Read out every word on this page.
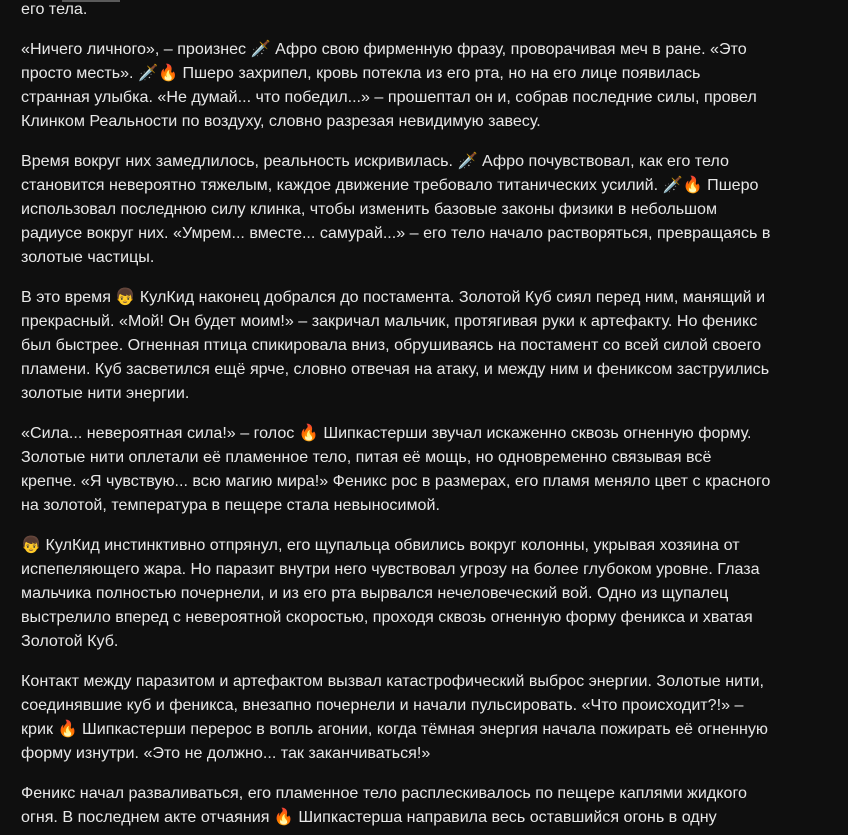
его тела.

«Ничего личного», – произнес 🗡️ Афро свою фирменную фразу, проворачивая меч в ране. «Это просто месть». 🗡️🔥 Пшеро захрипел, кровь потекла из его рта, но на его лице появилась странная улыбка. «Не думай... что победил...» – прошептал он и, собрав последние силы, провел Клинком Реальности по воздуху, словно разрезая невидимую завесу.

Время вокруг них замедлилось, реальность искривилась. 🗡️ Афро почувствовал, как его тело становится невероятно тяжелым, каждое движение требовало титанических усилий. 🗡️🔥 Пшеро использовал последнюю силу клинка, чтобы изменить базовые законы физики в небольшом радиусе вокруг них. «Умрем... вместе... самурай...» – его тело начало растворяться, превращаясь в золотые частицы.

В это время 👦 КулКид наконец добрался до постамента. Золотой Куб сиял перед ним, манящий и прекрасный. «Мой! Он будет моим!» – закричал мальчик, протягивая руки к артефакту. Но феникс был быстрее. Огненная птица спикировала вниз, обрушиваясь на постамент со всей силой своего пламени. Куб засветился ещё ярче, словно отвечая на атаку, и между ним и фениксом заструились золотые нити энергии.

«Сила... невероятная сила!» – голос 🔥 Шипкастерши звучал искаженно сквозь огненную форму. Золотые нити оплетали её пламенное тело, питая её мощь, но одновременно связывая всё крепче. «Я чувствую... всю магию мира!» Феникс рос в размерах, его пламя меняло цвет с красного на золотой, температура в пещере стала невыносимой.

👦 КулКид инстинктивно отпрянул, его щупальца обвились вокруг колонны, укрывая хозяина от испепеляющего жара. Но паразит внутри него чувствовал угрозу на более глубоком уровне. Глаза мальчика полностью почернели, и из его рта вырвался нечеловеческий вой. Одно из щупалец выстрелило вперед с невероятной скоростью, проходя сквозь огненную форму феникса и хватая Золотой Куб.

Контакт между паразитом и артефактом вызвал катастрофический выброс энергии. Золотые нити, соединявшие куб и феникса, внезапно почернели и начали пульсировать. «Что происходит?!» – крик 🔥 Шипкастерши перерос в вопль агонии, когда тёмная энергия начала пожирать её огненную форму изнутри. «Это не должно... так заканчиваться!»

Феникс начал разваливаться, его пламенное тело расплескивалось по пещере каплями жидкого огня. В последнем акте отчаяния 🔥 Шипкастерша направила весь оставшийся огонь в одну
